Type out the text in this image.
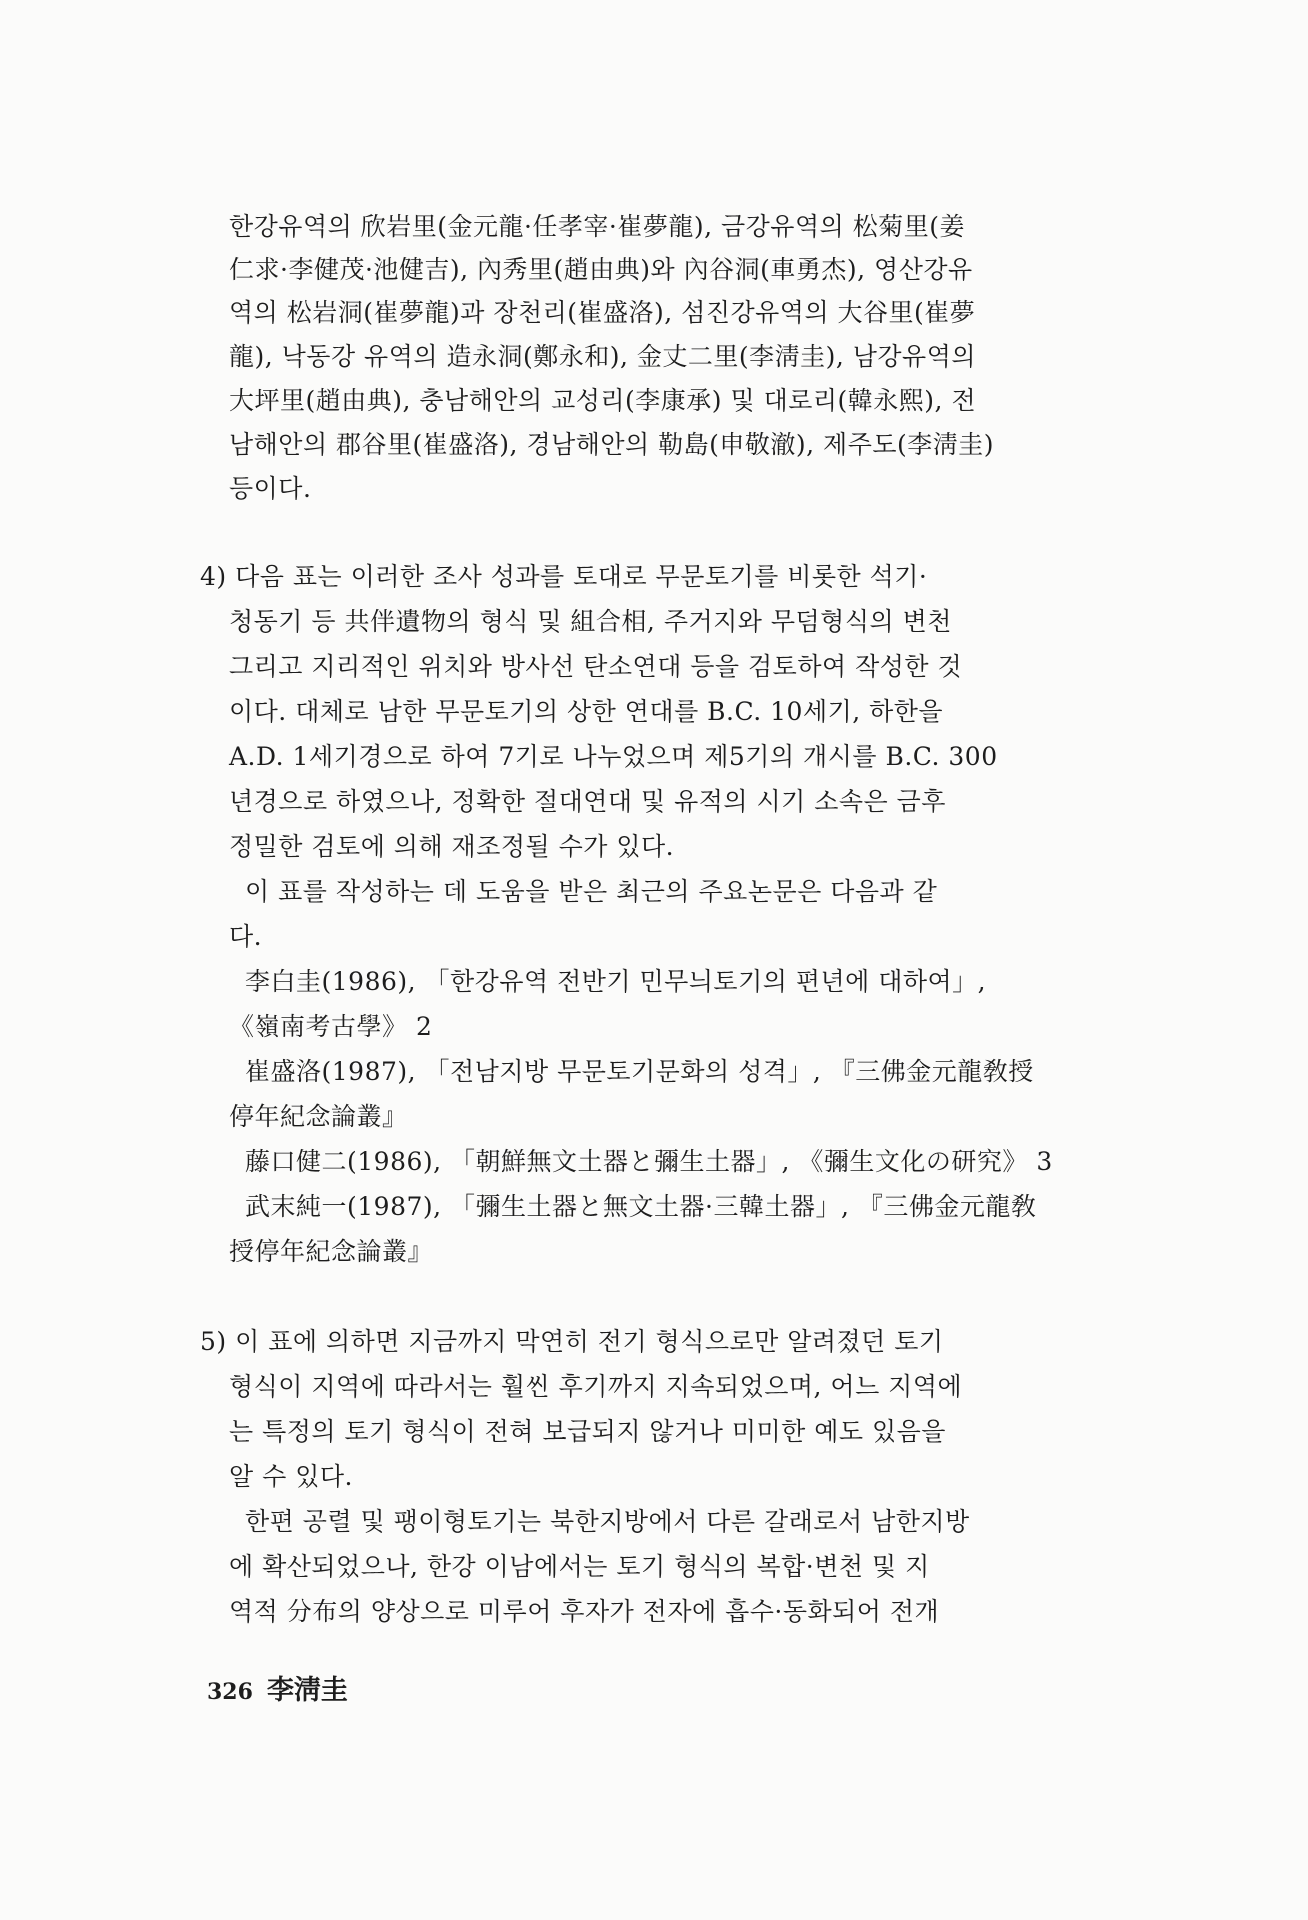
한강유역의 欣岩里(金元龍·任孝宰·崔夢龍), 금강유역의 松菊里(姜
仁求·李健茂·池健吉), 內秀里(趙由典)와 內谷洞(車勇杰), 영산강유
역의 松岩洞(崔夢龍)과 장천리(崔盛洛), 섬진강유역의 大谷里(崔夢
龍), 낙동강 유역의 造永洞(鄭永和), 金丈二里(李淸圭), 남강유역의
大坪里(趙由典), 충남해안의 교성리(李康承) 및 대로리(韓永熙), 전
남해안의 郡谷里(崔盛洛), 경남해안의 勒島(申敬澈), 제주도(李淸圭)
등이다.
4) 다음 표는 이러한 조사 성과를 토대로 무문토기를 비롯한 석기·
청동기 등 共伴遺物의 형식 및 組合相, 주거지와 무덤형식의 변천
그리고 지리적인 위치와 방사선 탄소연대 등을 검토하여 작성한 것
이다. 대체로 남한 무문토기의 상한 연대를 B.C. 10세기, 하한을
A.D. 1세기경으로 하여 7기로 나누었으며 제5기의 개시를 B.C. 300
년경으로 하였으나, 정확한 절대연대 및 유적의 시기 소속은 금후
정밀한 검토에 의해 재조정될 수가 있다.
이 표를 작성하는 데 도움을 받은 최근의 주요논문은 다음과 같
다.
李白圭(1986), 「한강유역 전반기 민무늬토기의 편년에 대하여」,
《嶺南考古學》 2
崔盛洛(1987), 「전남지방 무문토기문화의 성격」, 『三佛金元龍敎授
停年紀念論叢』
藤口健二(1986), 「朝鮮無文土器と彌生土器」, 《彌生文化の研究》 3
武末純一(1987), 「彌生土器と無文土器·三韓土器」, 『三佛金元龍敎
授停年紀念論叢』
5) 이 표에 의하면 지금까지 막연히 전기 형식으로만 알려졌던 토기
형식이 지역에 따라서는 훨씬 후기까지 지속되었으며, 어느 지역에
는 특정의 토기 형식이 전혀 보급되지 않거나 미미한 예도 있음을
알 수 있다.
한편 공렬 및 팽이형토기는 북한지방에서 다른 갈래로서 남한지방
에 확산되었으나, 한강 이남에서는 토기 형식의 복합·변천 및 지
역적 分布의 양상으로 미루어 후자가 전자에 흡수·동화되어 전개
326 李淸圭
